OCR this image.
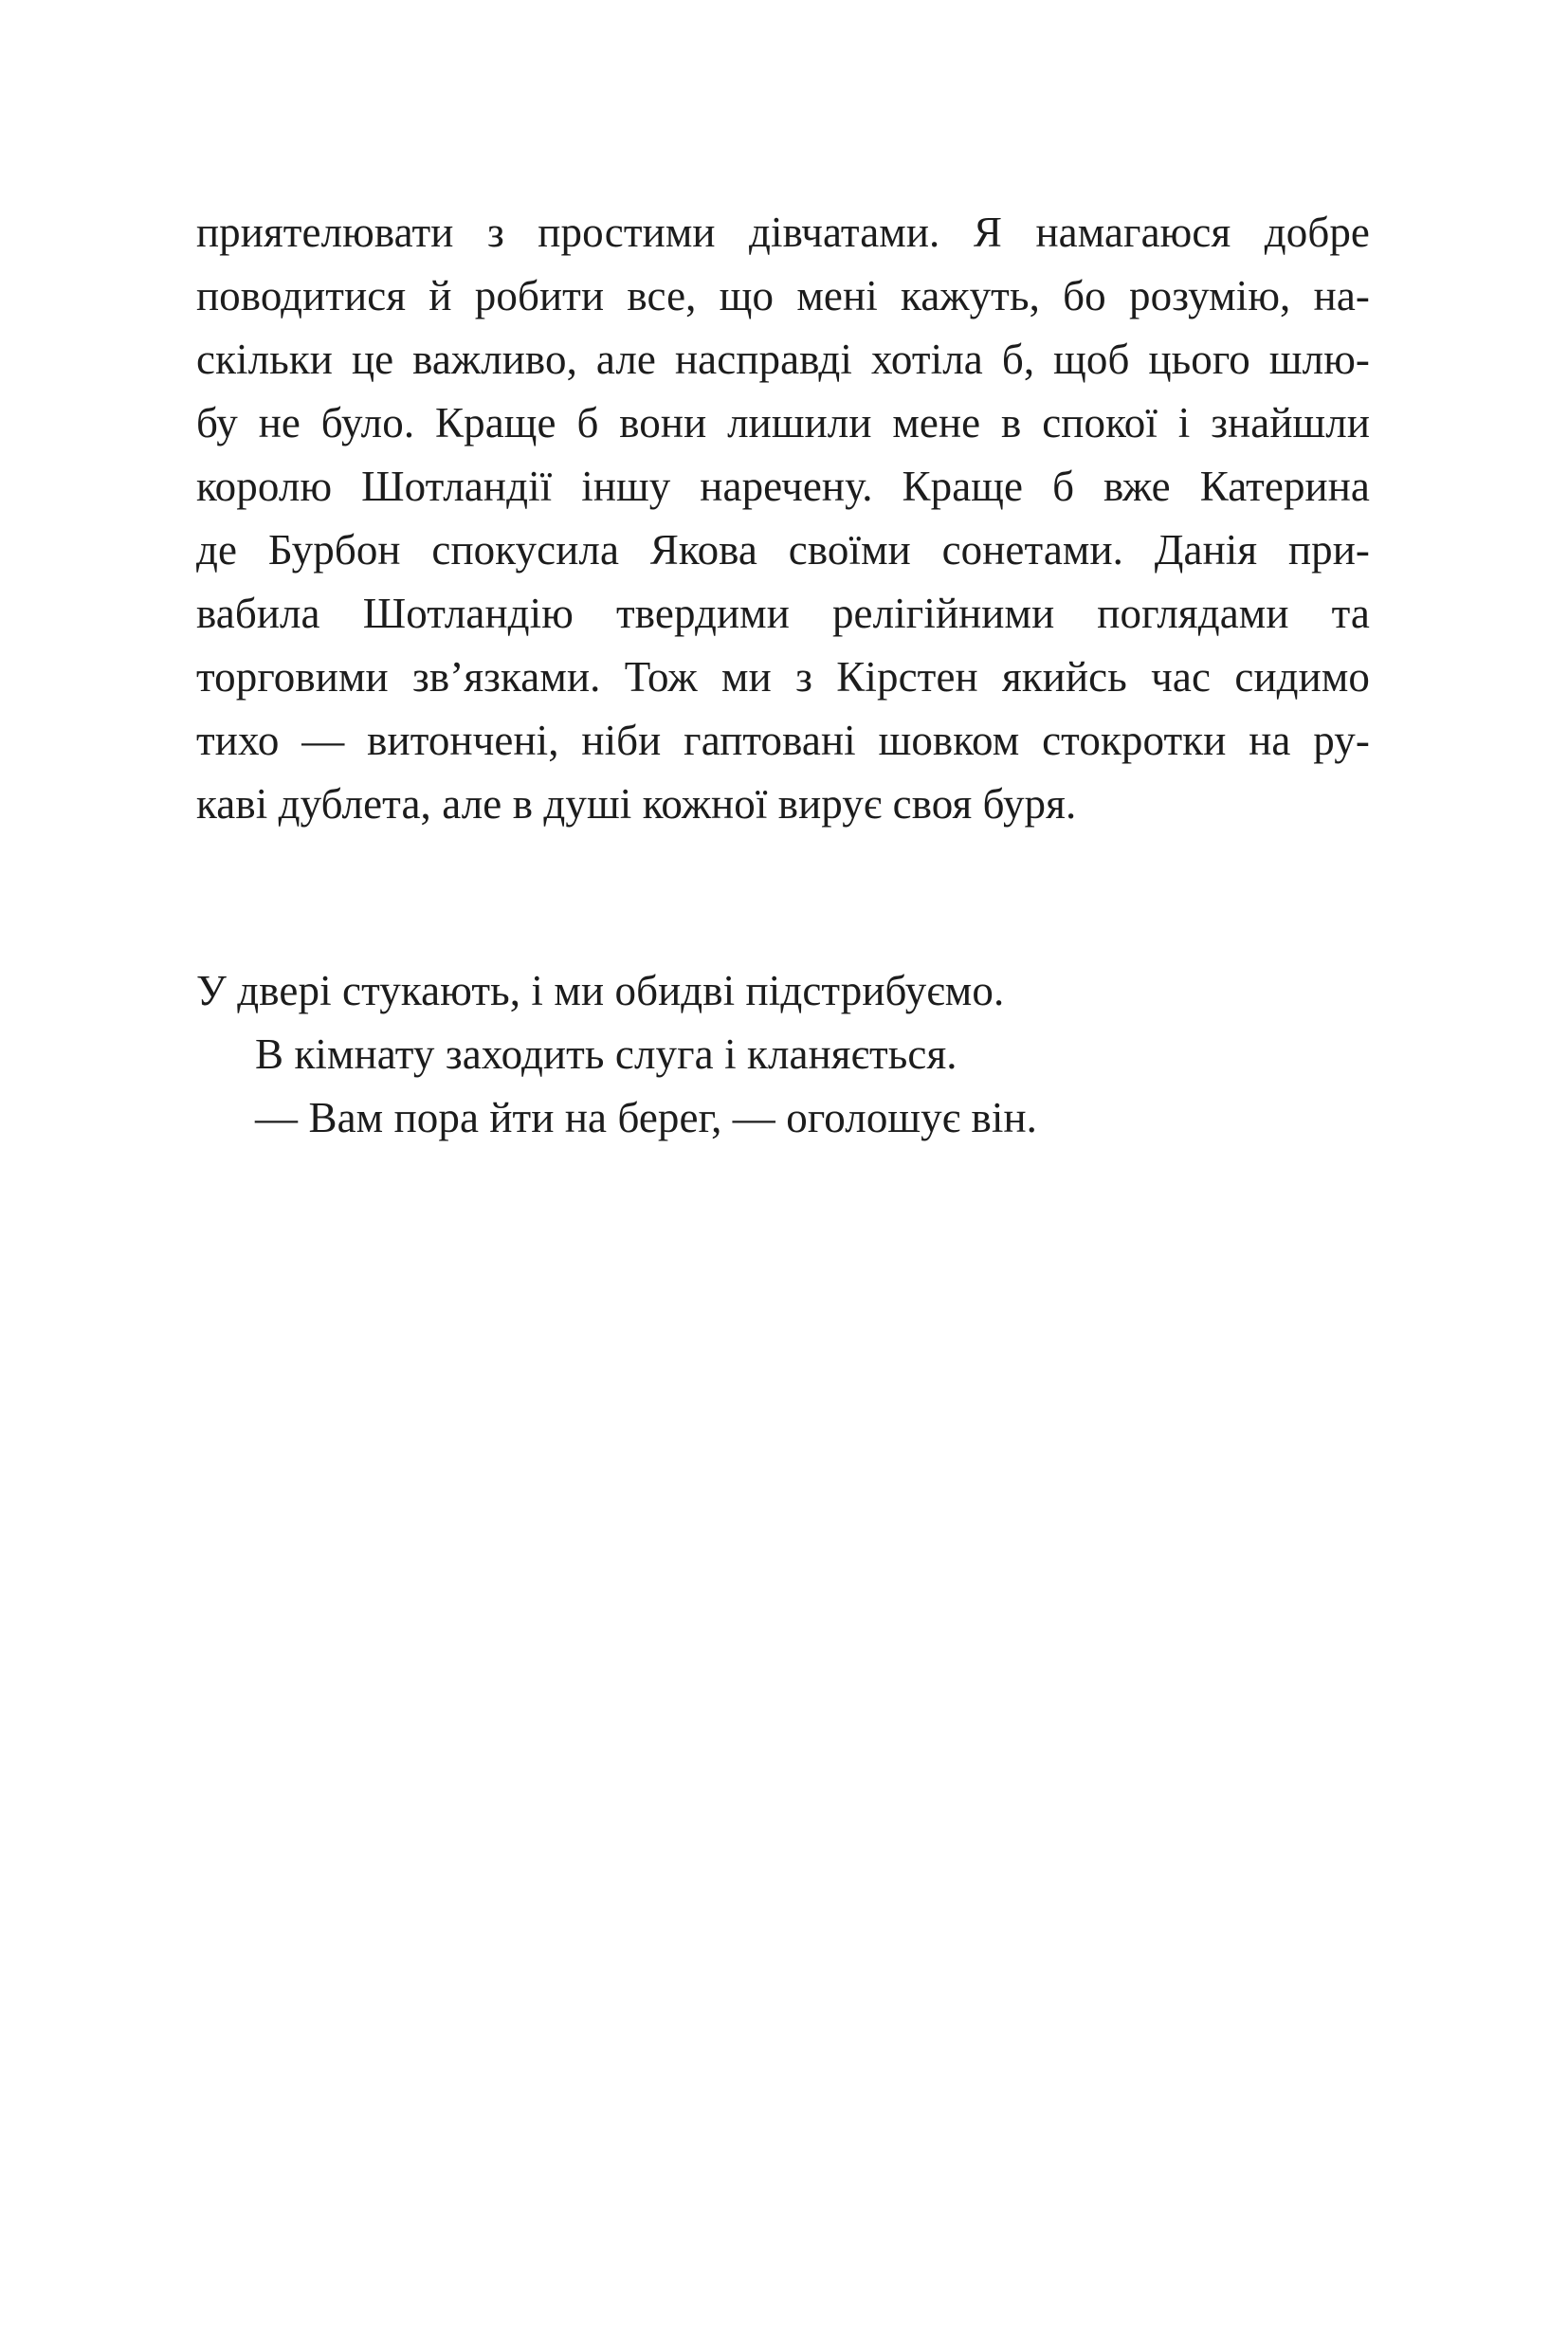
приятелювати з простими дівчатами. Я намагаюся добре
поводитися й робити все, що мені кажуть, бо розумію, на-
скільки це важливо, але насправді хотіла б, щоб цього шлю-
бу не було. Краще б вони лишили мене в спокої і знайшли
королю Шотландії іншу наречену. Краще б вже Катерина
де Бурбон спокусила Якова своїми сонетами. Данія при-
вабила Шотландію твердими релігійними поглядами та
торговими зв’язками. Тож ми з Кірстен якийсь час сидимо
тихо — витончені, ніби гаптовані шовком стокротки на ру-
каві дублета, але в душі кожної вирує своя буря.

У двері стукають, і ми обидві підстрибуємо.

В кімнату заходить слуга і кланяється.

— Вам пора йти на берег, — оголошує він.
